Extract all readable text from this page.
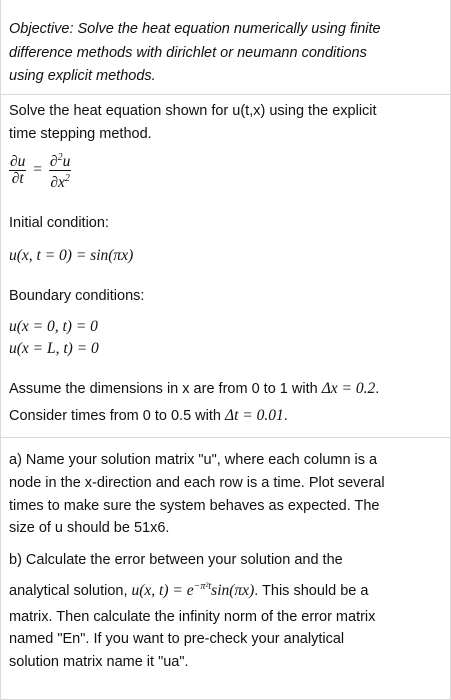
Objective: Solve the heat equation numerically using finite
difference methods with dirichlet or neumann conditions
using explicit methods.
Solve the heat equation shown for u(t,x) using the explicit
time stepping method.
$\frac{\partial u}{\partial t} = \frac{\partial^2u}{\partial x^2}$
Initial condition:
u(x, t = 0) = sin(πx)
Boundary conditions:
u(x = 0, t) = 0
u(x = L, t) = 0
Assume the dimensions in x are from 0 to 1 with Δx = 0.2.
Consider times from 0 to 0.5 with Δt = 0.01.
a) Name your solution matrix "u", where each column is a
node in the x-direction and each row is a time. Plot several
times to make sure the system behaves as expected. The
size of u should be 51x6.
b) Calculate the error between your solution and the
analytical solution, u(x, $t) = e^{-\pi^2t}\sin(\pi x)$. This should be a
matrix. Then calculate the infinity norm of the error matrix
named "En". If you want to pre-check your analytical
solution matrix name it "ua".
